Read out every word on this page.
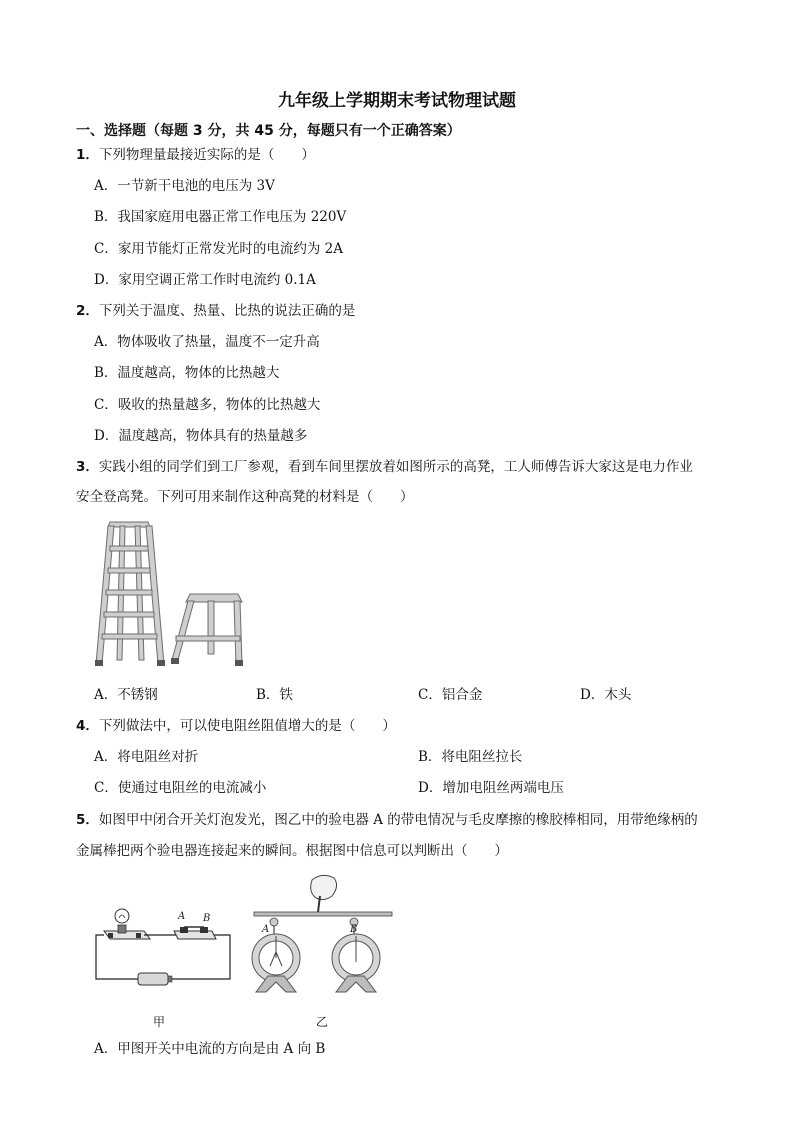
九年级上学期期末考试物理试题
一、选择题（每题 3 分，共 45 分，每题只有一个正确答案）
1．下列物理量最接近实际的是（　　）
A．一节新干电池的电压为 3V
B．我国家庭用电器正常工作电压为 220V
C．家用节能灯正常发光时的电流约为 2A
D．家用空调正常工作时电流约 0.1A
2．下列关于温度、热量、比热的说法正确的是
A．物体吸收了热量，温度不一定升高
B．温度越高，物体的比热越大
C．吸收的热量越多，物体的比热越大
D．温度越高，物体具有的热量越多
3．实践小组的同学们到工厂参观，看到车间里摆放着如图所示的高凳，工人师傅告诉大家这是电力作业
安全登高凳。下列可用来制作这种高凳的材料是（　　）
A．不锈钢	B．铁	C．铝合金	D．木头
4．下列做法中，可以使电阻丝阻值增大的是（　　）
A．将电阻丝对折	B．将电阻丝拉长
C．使通过电阻丝的电流减小	D．增加电阻丝两端电压
5．如图甲中闭合开关灯泡发光，图乙中的验电器 A 的带电情况与毛皮摩擦的橡胶棒相同，用带绝缘柄的
金属棒把两个验电器连接起来的瞬间。根据图中信息可以判断出（　　）
A B
A	B
甲	乙
A．甲图开关中电流的方向是由 A 向 B
